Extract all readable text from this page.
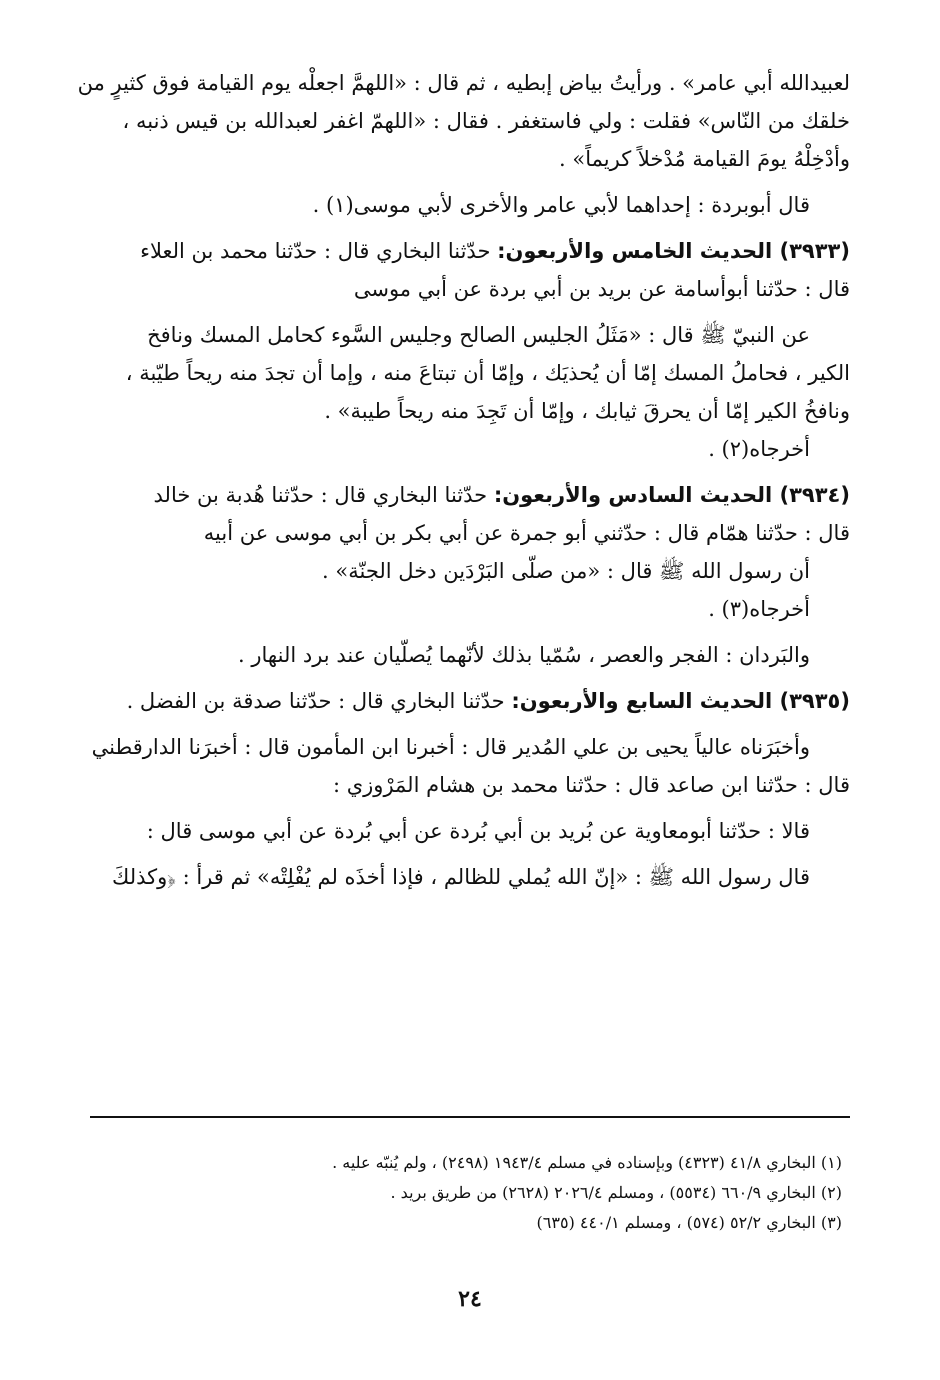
لعبيدالله أبي عامر» . ورأيتُ بياض إبطيه ، ثم قال : «اللهمَّ اجعلْه يوم القيامة فوق كثيرٍ من
خلقك من النّاس» فقلت : ولي فاستغفر . فقال : «اللهمّ اغفر لعبدالله بن قيس ذنبه ،
وأدْخِلْهُ يومَ القيامة مُدْخلاً كريماً» .
قال أبوبردة : إحداهما لأبي عامر والأخرى لأبي موسى(١) .
(٣٩٣٣) الحديث الخامس والأربعون: حدّثنا البخاري قال : حدّثنا محمد بن العلاء
قال : حدّثنا أبوأسامة عن بريد بن أبي بردة عن أبي موسى
عن النبيّ ﷺ قال : «مَثَلُ الجليس الصالح وجليس السَّوء كحامل المسك ونافخ
الكير ، فحاملُ المسك إمّا أن يُحذيَك ، وإمّا أن تبتاعَ منه ، وإما أن تجدَ منه ريحاً طيّبة ،
ونافخُ الكير إمّا أن يحرقَ ثيابك ، وإمّا أن تَجِدَ منه ريحاً طيبة» .
أخرجاه(٢) .
(٣٩٣٤) الحديث السادس والأربعون: حدّثنا البخاري قال : حدّثنا هُدبة بن خالد
قال : حدّثنا همّام قال : حدّثني أبو جمرة عن أبي بكر بن أبي موسى عن أبيه
أن رسول الله ﷺ قال : «من صلّى البَرْدَين دخل الجنّة» .
أخرجاه(٣) .
والبَردان : الفجر والعصر ، سُمّيا بذلك لأنّهما يُصلّيان عند برد النهار .
(٣٩٣٥) الحديث السابع والأربعون: حدّثنا البخاري قال : حدّثنا صدقة بن الفضل .
وأخبَرَناه عالياً يحيى بن علي المُدير قال : أخبرنا ابن المأمون قال : أخبرَنا الدارقطني
قال : حدّثنا ابن صاعد قال : حدّثنا محمد بن هشام المَرْوزي :
قالا : حدّثنا أبومعاوية عن بُريد بن أبي بُردة عن أبي بُردة عن أبي موسى قال :
قال رسول الله ﷺ : «إنّ الله يُملي للظالم ، فإذا أخذَه لم يُفْلِتْه» ثم قرأ : ﴿وكذلكَ
(١) البخاري ٤١/٨ (٤٣٢٣) وبإسناده في مسلم ١٩٤٣/٤ (٢٤٩٨) ، ولم يُنبّه عليه .
(٢) البخاري ٦٦٠/٩ (٥٥٣٤) ، ومسلم ٢٠٢٦/٤ (٢٦٢٨) من طريق بريد .
(٣) البخاري ٥٢/٢ (٥٧٤) ، ومسلم ٤٤٠/١ (٦٣٥)
٢٤
